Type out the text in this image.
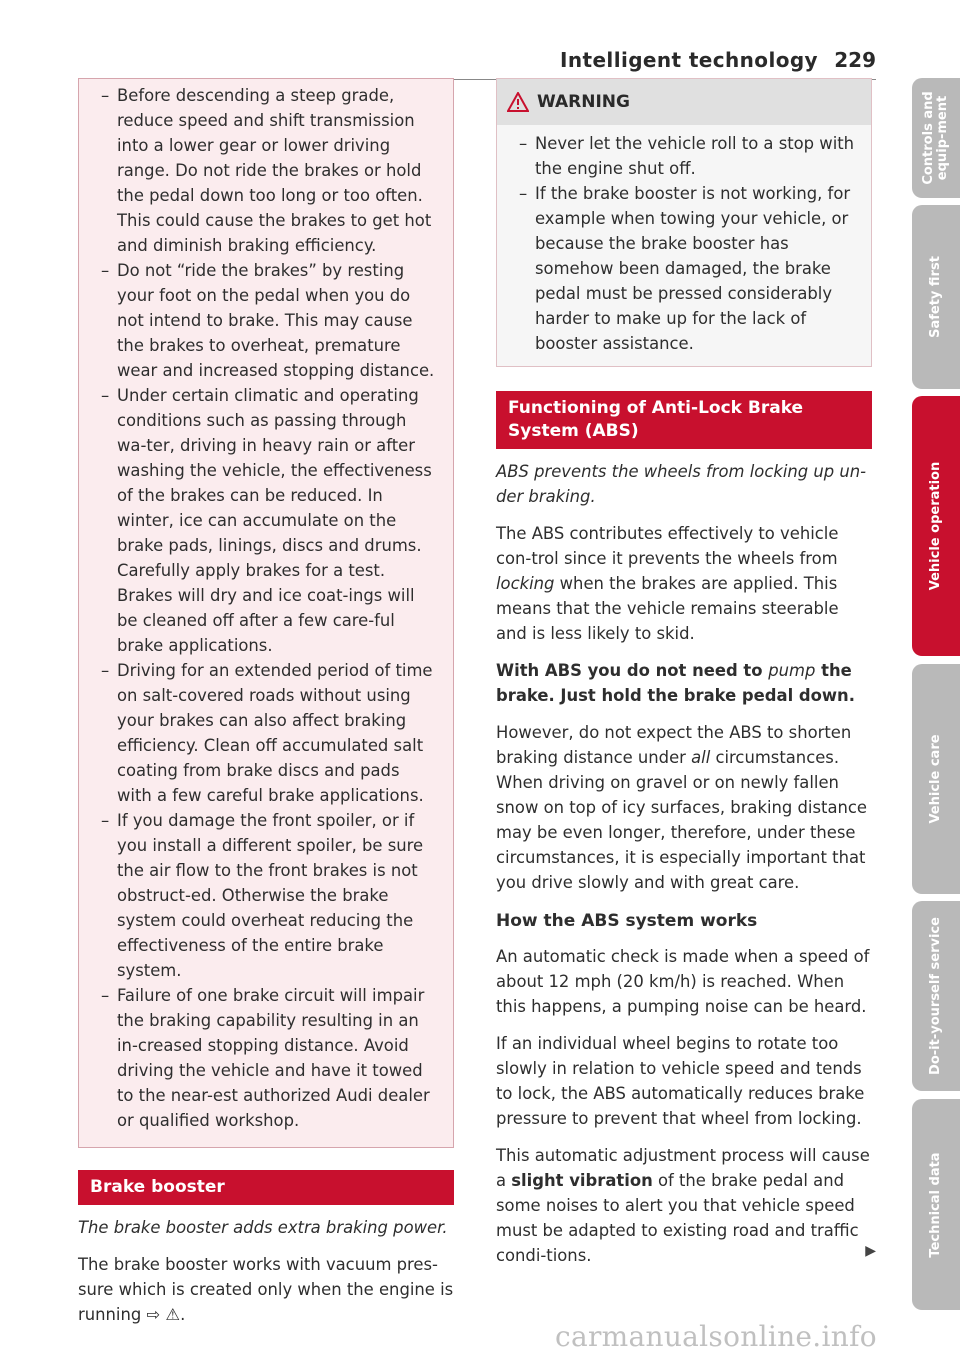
Intelligent technology 229
– Before descending a steep grade, reduce speed and shift transmission into a lower gear or lower driving range. Do not ride the brakes or hold the pedal down too long or too often. This could cause the brakes to get hot and diminish braking efficiency.
– Do not “ride the brakes” by resting your foot on the pedal when you do not intend to brake. This may cause the brakes to overheat, premature wear and increased stopping distance.
– Under certain climatic and operating conditions such as passing through wa-ter, driving in heavy rain or after washing the vehicle, the effectiveness of the brakes can be reduced. In winter, ice can accumulate on the brake pads, linings, discs and drums. Carefully apply brakes for a test. Brakes will dry and ice coat-ings will be cleaned off after a few care-ful brake applications.
– Driving for an extended period of time on salt-covered roads without using your brakes can also affect braking efficiency. Clean off accumulated salt coating from brake discs and pads with a few careful brake applications.
– If you damage the front spoiler, or if you install a different spoiler, be sure the air flow to the front brakes is not obstruct-ed. Otherwise the brake system could overheat reducing the effectiveness of the entire brake system.
– Failure of one brake circuit will impair the braking capability resulting in an in-creased stopping distance. Avoid driving the vehicle and have it towed to the near-est authorized Audi dealer or qualified workshop.
Brake booster

The brake booster adds extra braking power.

The brake booster works with vacuum pres-sure which is created only when the engine is running ⇨ ⚠.

WARNING
– Never let the vehicle roll to a stop with the engine shut off.
– If the brake booster is not working, for example when towing your vehicle, or because the brake booster has somehow been damaged, the brake pedal must be pressed considerably harder to make up for the lack of booster assistance.
Functioning of Anti-Lock Brake System (ABS)

ABS prevents the wheels from locking up un-der braking.

The ABS contributes effectively to vehicle con-trol since it prevents the wheels from locking when the brakes are applied. This means that the vehicle remains steerable and is less likely to skid.

With ABS you do not need to pump the brake. Just hold the brake pedal down.

However, do not expect the ABS to shorten braking distance under all circumstances. When driving on gravel or on newly fallen snow on top of icy surfaces, braking distance may be even longer, therefore, under these circumstances, it is especially important that you drive slowly and with great care.

How the ABS system works

An automatic check is made when a speed of about 12 mph (20 km/h) is reached. When this happens, a pumping noise can be heard.

If an individual wheel begins to rotate too slowly in relation to vehicle speed and tends to lock, the ABS automatically reduces brake pressure to prevent that wheel from locking.

This automatic adjustment process will cause a slight vibration of the brake pedal and some noises to alert you that vehicle speed must be adapted to existing road and traffic condi-tions.	▶

Controls and equip-ment
Safety first
Vehicle operation
Vehicle care
Do-it-yourself service
Technical data
carmanualsonline.info
